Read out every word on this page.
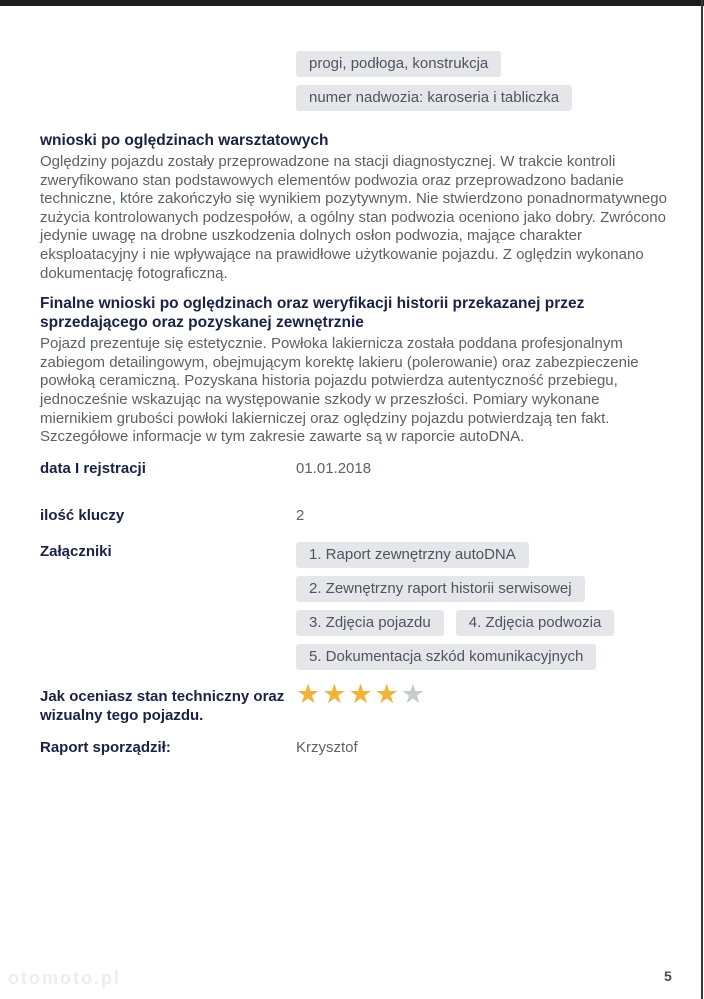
progi, podłoga, konstrukcja
numer nadwozia: karoseria i tabliczka
wnioski po oględzinach warsztatowych

Oględziny pojazdu zostały przeprowadzone na stacji diagnostycznej. W trakcie kontroli zweryfikowano stan podstawowych elementów podwozia oraz przeprowadzono badanie techniczne, które zakończyło się wynikiem pozytywnym. Nie stwierdzono ponadnormatywnego zużycia kontrolowanych podzespołów, a ogólny stan podwozia oceniono jako dobry. Zwrócono jedynie uwagę na drobne uszkodzenia dolnych osłon podwozia, mające charakter eksploatacyjny i nie wpływające na prawidłowe użytkowanie pojazdu. Z oględzin wykonano dokumentację fotograficzną.

Finalne wnioski po oględzinach oraz weryfikacji historii przekazanej przez sprzedającego oraz pozyskanej zewnętrznie

Pojazd prezentuje się estetycznie. Powłoka lakiernicza została poddana profesjonalnym zabiegom detailingowym, obejmującym korektę lakieru (polerowanie) oraz zabezpieczenie powłoką ceramiczną. Pozyskana historia pojazdu potwierdza autentyczność przebiegu, jednocześnie wskazując na występowanie szkody w przeszłości. Pomiary wykonane miernikiem grubości powłoki lakierniczej oraz oględziny pojazdu potwierdzają ten fakt. Szczegółowe informacje w tym zakresie zawarte są w raporcie autoDNA.

data I rejstracji	01.01.2018
ilość kluczy	2
Załączniki	1. Raport zewnętrzny autoDNA
2. Zewnętrzny raport historii serwisowej
3. Zdjęcia pojazdu	4. Zdjęcia podwozia
5. Dokumentacja szkód komunikacyjnych
Jak oceniasz stan techniczny oraz wizualny tego pojazdu.
★ ★ ★ ★ ★
Raport sporządził:	Krzysztof
otomoto.pl	5
